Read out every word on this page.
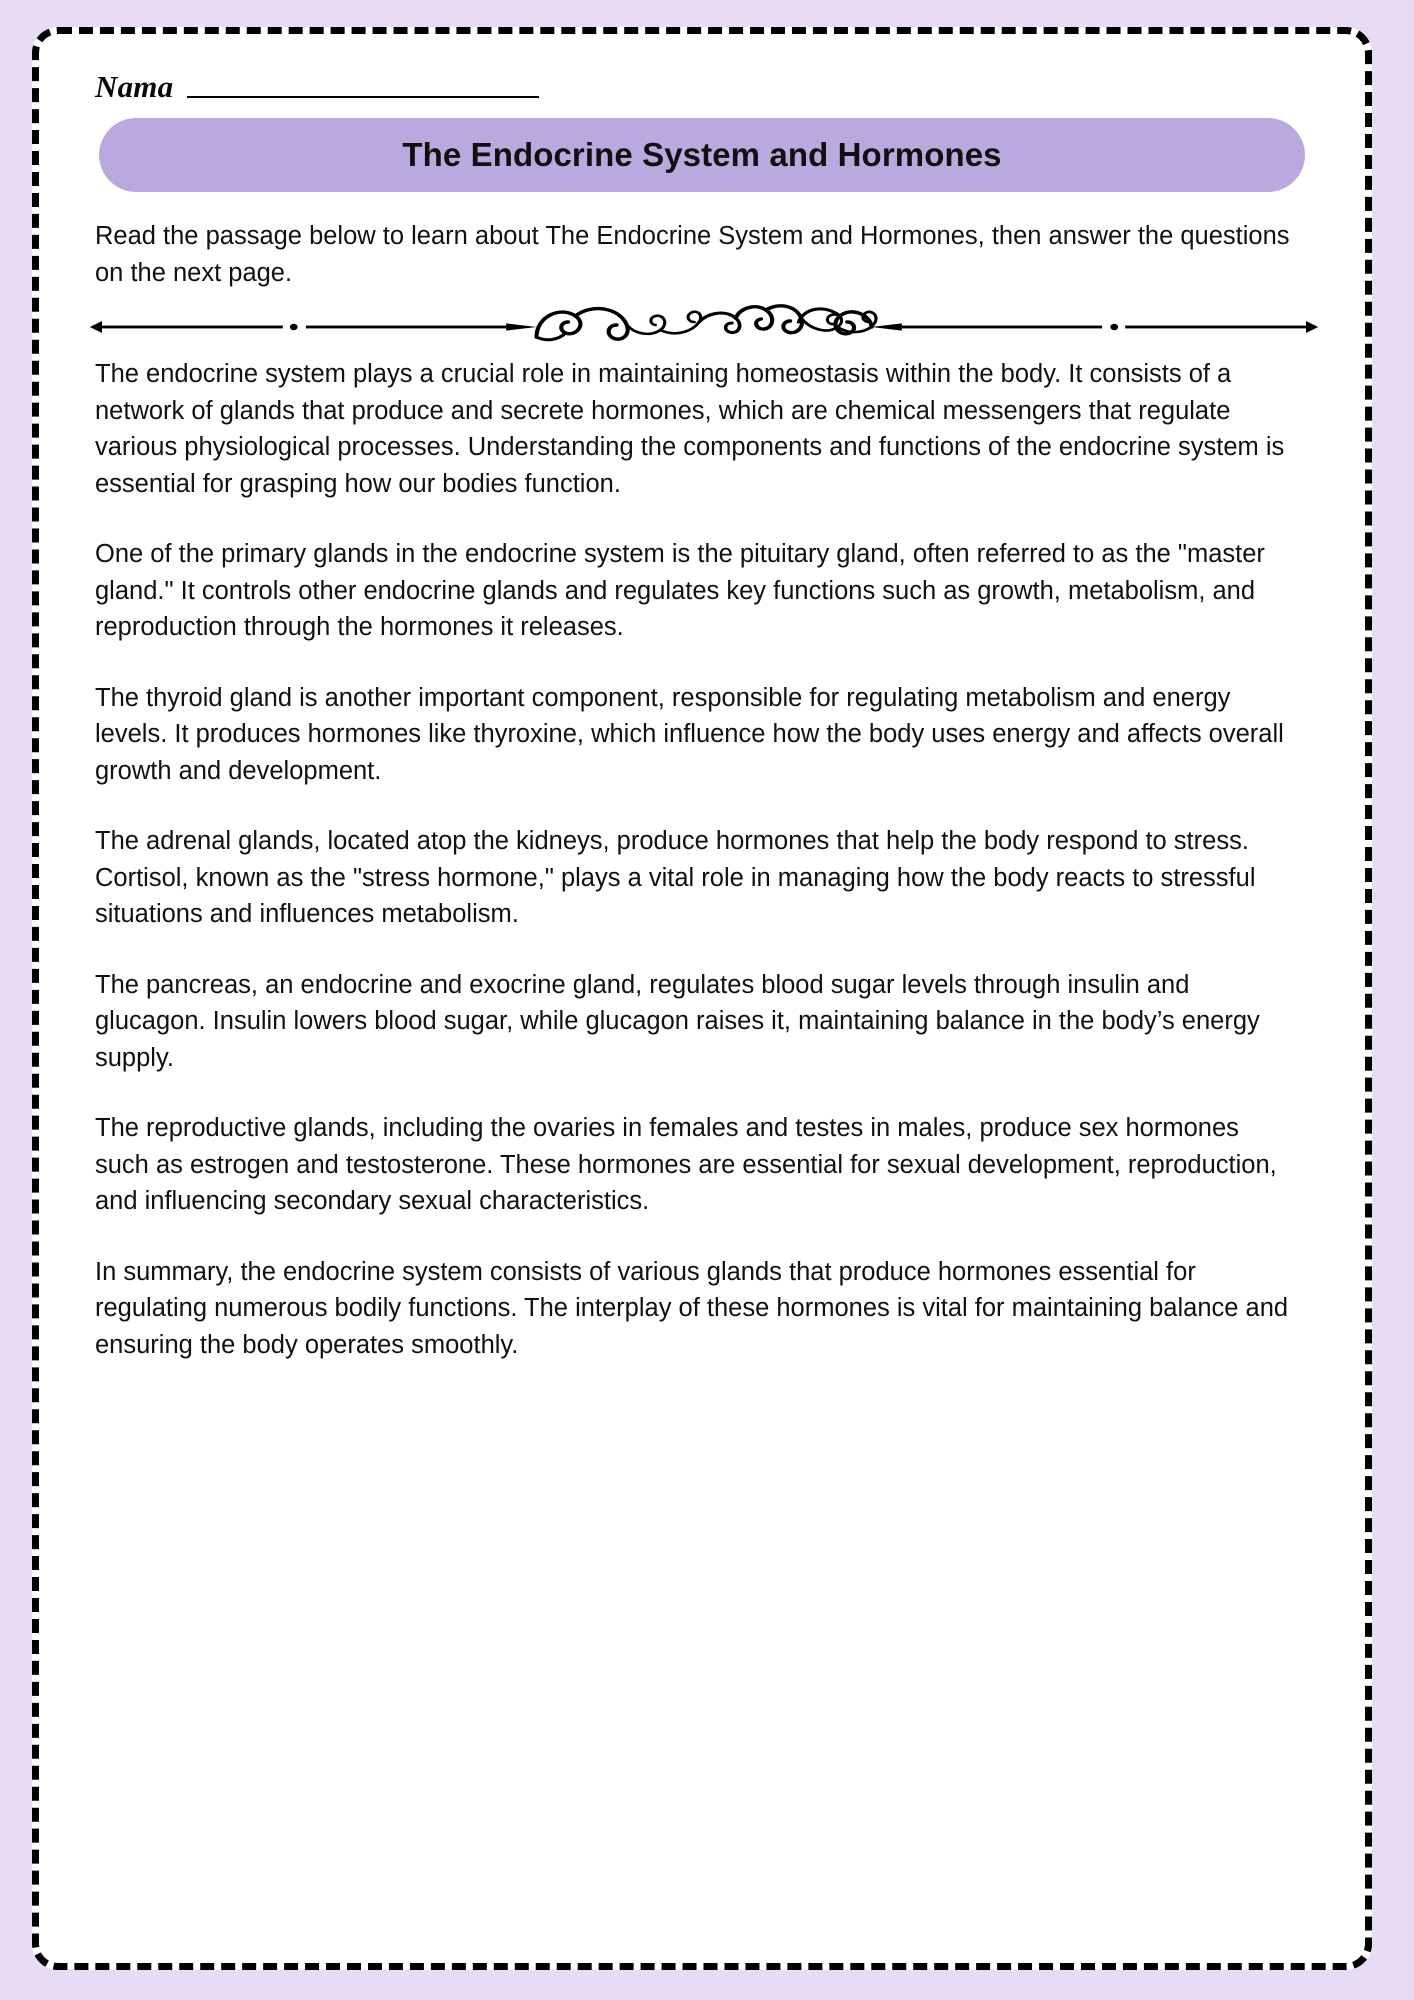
Nama
The Endocrine System and Hormones
Read the passage below to learn about The Endocrine System and Hormones, then answer the questions on the next page.

The endocrine system plays a crucial role in maintaining homeostasis within the body. It consists of a network of glands that produce and secrete hormones, which are chemical messengers that regulate various physiological processes. Understanding the components and functions of the endocrine system is essential for grasping how our bodies function.

One of the primary glands in the endocrine system is the pituitary gland, often referred to as the "master gland." It controls other endocrine glands and regulates key functions such as growth, metabolism, and reproduction through the hormones it releases.

The thyroid gland is another important component, responsible for regulating metabolism and energy levels. It produces hormones like thyroxine, which influence how the body uses energy and affects overall growth and development.

The adrenal glands, located atop the kidneys, produce hormones that help the body respond to stress. Cortisol, known as the "stress hormone," plays a vital role in managing how the body reacts to stressful situations and influences metabolism.

The pancreas, an endocrine and exocrine gland, regulates blood sugar levels through insulin and glucagon. Insulin lowers blood sugar, while glucagon raises it, maintaining balance in the body’s energy supply.

The reproductive glands, including the ovaries in females and testes in males, produce sex hormones such as estrogen and testosterone. These hormones are essential for sexual development, reproduction, and influencing secondary sexual characteristics.

In summary, the endocrine system consists of various glands that produce hormones essential for regulating numerous bodily functions. The interplay of these hormones is vital for maintaining balance and ensuring the body operates smoothly.
